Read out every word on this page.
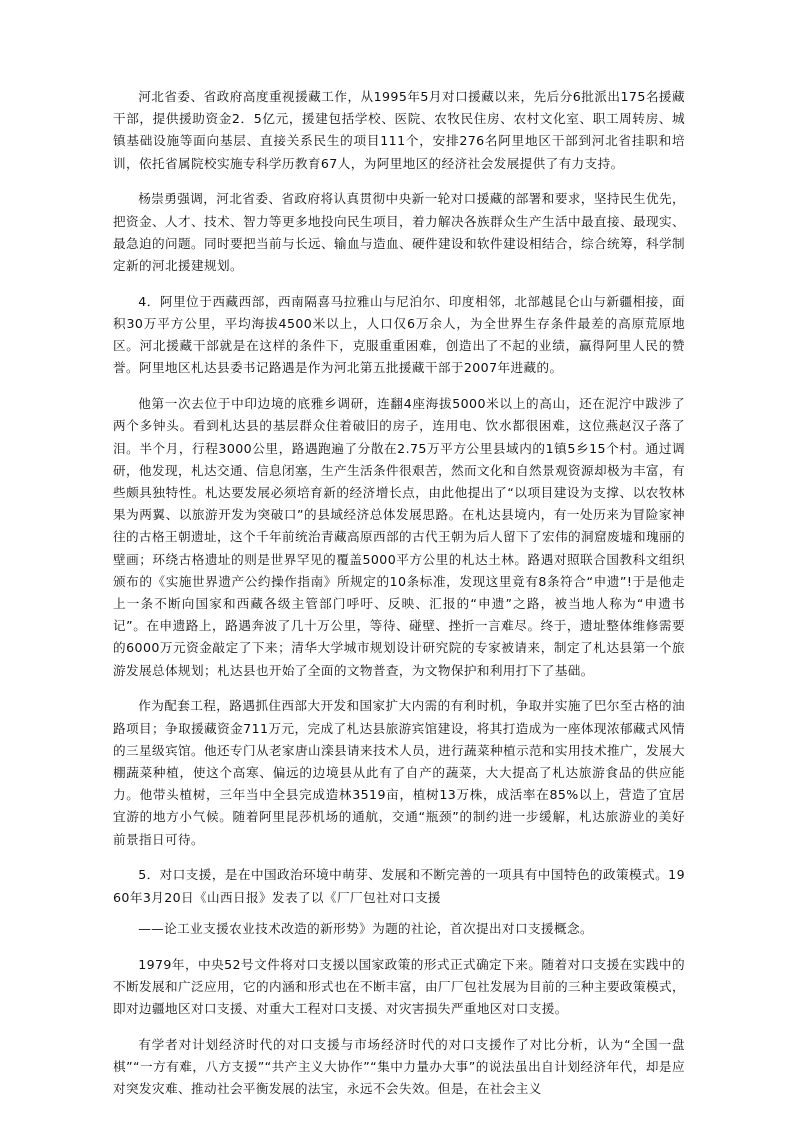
河北省委、省政府高度重视援藏工作，从1995年5月对口援藏以来，先后分6批派出175名援藏干部，提供援助资金2．5亿元，援建包括学校、医院、农牧民住房、农村文化室、职工周转房、城镇基础设施等面向基层、直接关系民生的项目111个，安排276名阿里地区干部到河北省挂职和培训，依托省属院校实施专科学历教育67人，为阿里地区的经济社会发展提供了有力支持。

杨崇勇强调，河北省委、省政府将认真贯彻中央新一轮对口援藏的部署和要求，坚持民生优先，把资金、人才、技术、智力等更多地投向民生项目，着力解决各族群众生产生活中最直接、最现实、最急迫的问题。同时要把当前与长远、输血与造血、硬件建设和软件建设相结合，综合统筹，科学制定新的河北援建规划。

4．阿里位于西藏西部，西南隔喜马拉雅山与尼泊尔、印度相邻，北部越昆仑山与新疆相接，面积30万平方公里，平均海拔4500米以上，人口仅6万余人，为全世界生存条件最差的高原荒原地区。河北援藏干部就是在这样的条件下，克服重重困难，创造出了不起的业绩，赢得阿里人民的赞誉。阿里地区札达县委书记路遇是作为河北第五批援藏干部于2007年进藏的。

他第一次去位于中印边境的底雅乡调研，连翻4座海拔5000米以上的高山，还在泥泞中跋涉了两个多钟头。看到札达县的基层群众住着破旧的房子，连用电、饮水都很困难，这位燕赵汉子落了泪。半个月，行程3000公里，路遇跑遍了分散在2.75万平方公里县域内的1镇5乡15个村。通过调研，他发现，札达交通、信息闭塞，生产生活条件很艰苦，然而文化和自然景观资源却极为丰富，有些颇具独特性。札达要发展必须培育新的经济增长点，由此他提出了“以项目建设为支撑、以农牧林果为两翼、以旅游开发为突破口”的县域经济总体发展思路。在札达县境内，有一处历来为冒险家神往的古格王朝遗址，这个千年前统治青藏高原西部的古代王朝为后人留下了宏伟的洞窟废墟和瑰丽的壁画；环绕古格遗址的则是世界罕见的覆盖5000平方公里的札达土林。路遇对照联合国教科文组织颁布的《实施世界遗产公约操作指南》所规定的10条标准，发现这里竟有8条符合“申遗”!于是他走上一条不断向国家和西藏各级主管部门呼吁、反映、汇报的“申遗”之路，被当地人称为“申遗书记”。在申遗路上，路遇奔波了几十万公里，等待、碰壁、挫折一言难尽。终于，遗址整体维修需要的6000万元资金敲定了下来；清华大学城市规划设计研究院的专家被请来，制定了札达县第一个旅游发展总体规划；札达县也开始了全面的文物普查，为文物保护和利用打下了基础。

作为配套工程，路遇抓住西部大开发和国家扩大内需的有利时机，争取并实施了巴尔至古格的油路项目；争取援藏资金711万元，完成了札达县旅游宾馆建设，将其打造成为一座体现浓郁藏式风情的三星级宾馆。他还专门从老家唐山滦县请来技术人员，进行蔬菜种植示范和实用技术推广，发展大棚蔬菜种植，使这个高寒、偏远的边境县从此有了自产的蔬菜，大大提高了札达旅游食品的供应能力。他带头植树，三年当中全县完成造林3519亩，植树13万株，成活率在85%以上，营造了宜居宜游的地方小气候。随着阿里昆莎机场的通航，交通“瓶颈”的制约进一步缓解，札达旅游业的美好前景指日可待。

5．对口支援，是在中国政治环境中萌芽、发展和不断完善的一项具有中国特色的政策模式。1960年3月20日《山西日报》发表了以《厂厂包社对口支援

——论工业支援农业技术改造的新形势》为题的社论，首次提出对口支援概念。

1979年，中央52号文件将对口支援以国家政策的形式正式确定下来。随着对口支援在实践中的不断发展和广泛应用，它的内涵和形式也在不断丰富，由厂厂包社发展为目前的三种主要政策模式，即对边疆地区对口支援、对重大工程对口支援、对灾害损失严重地区对口支援。

有学者对计划经济时代的对口支援与市场经济时代的对口支援作了对比分析，认为“全国一盘棋”“一方有难，八方支援”“共产主义大协作”“集中力量办大事”的说法虽出自计划经济年代，却是应对突发灾难、推动社会平衡发展的法宝，永远不会失效。但是，在社会主义
